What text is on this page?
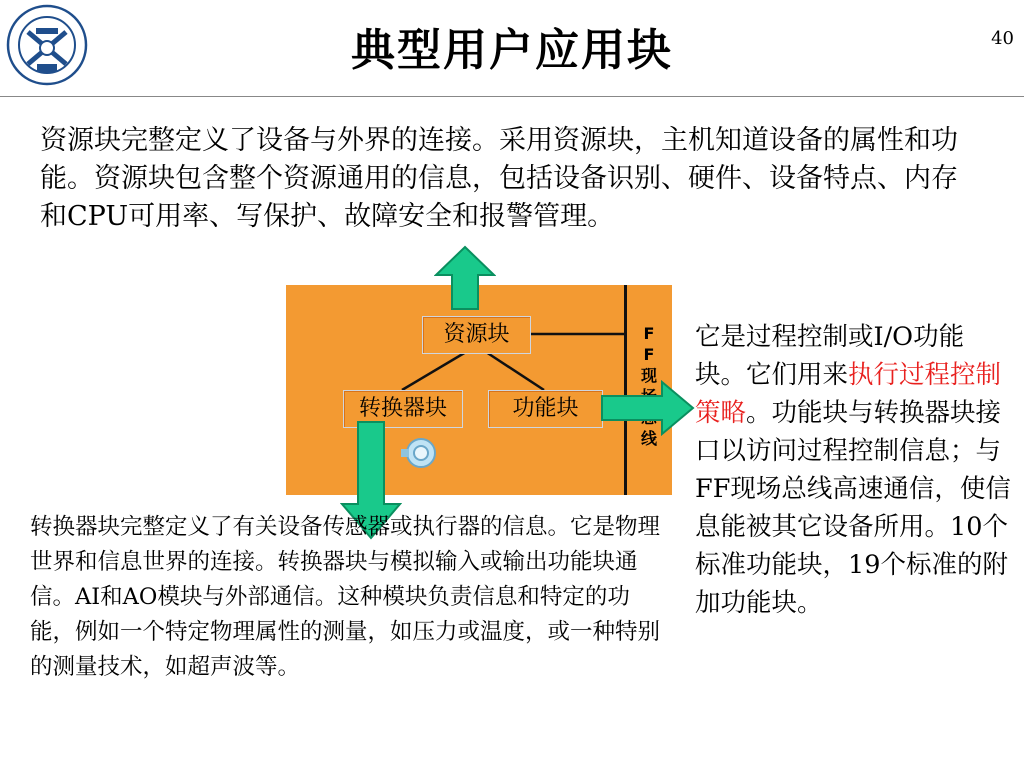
典型用户应用块	40
资源块完整定义了设备与外界的连接。采用资源块，主机知道设备的属性和功能。资源块包含整个资源通用的信息，包括设备识别、硬件、设备特点、内存和CPU可用率、写保护、故障安全和报警管理。
资源块
转换器块	功能块
F
F
现
线
转换器块完整定义了有关设备传感器或执行器的信息。它是物理世界和信息世界的连接。转换器块与模拟输入或输出功能块通信。AI和AO模块与外部通信。这种模块负责信息和特定的功能，例如一个特定物理属性的测量，如压力或温度，或一种特别的测量技术，如超声波等。
它是过程控制或I/O功能块。它们用来执行过程控制策略。功能块与转换器块接口以访问过程控制信息；与FF现场总线高速通信，使信息能被其它设备所用。10个标准功能块，19个标准的附加功能块。
